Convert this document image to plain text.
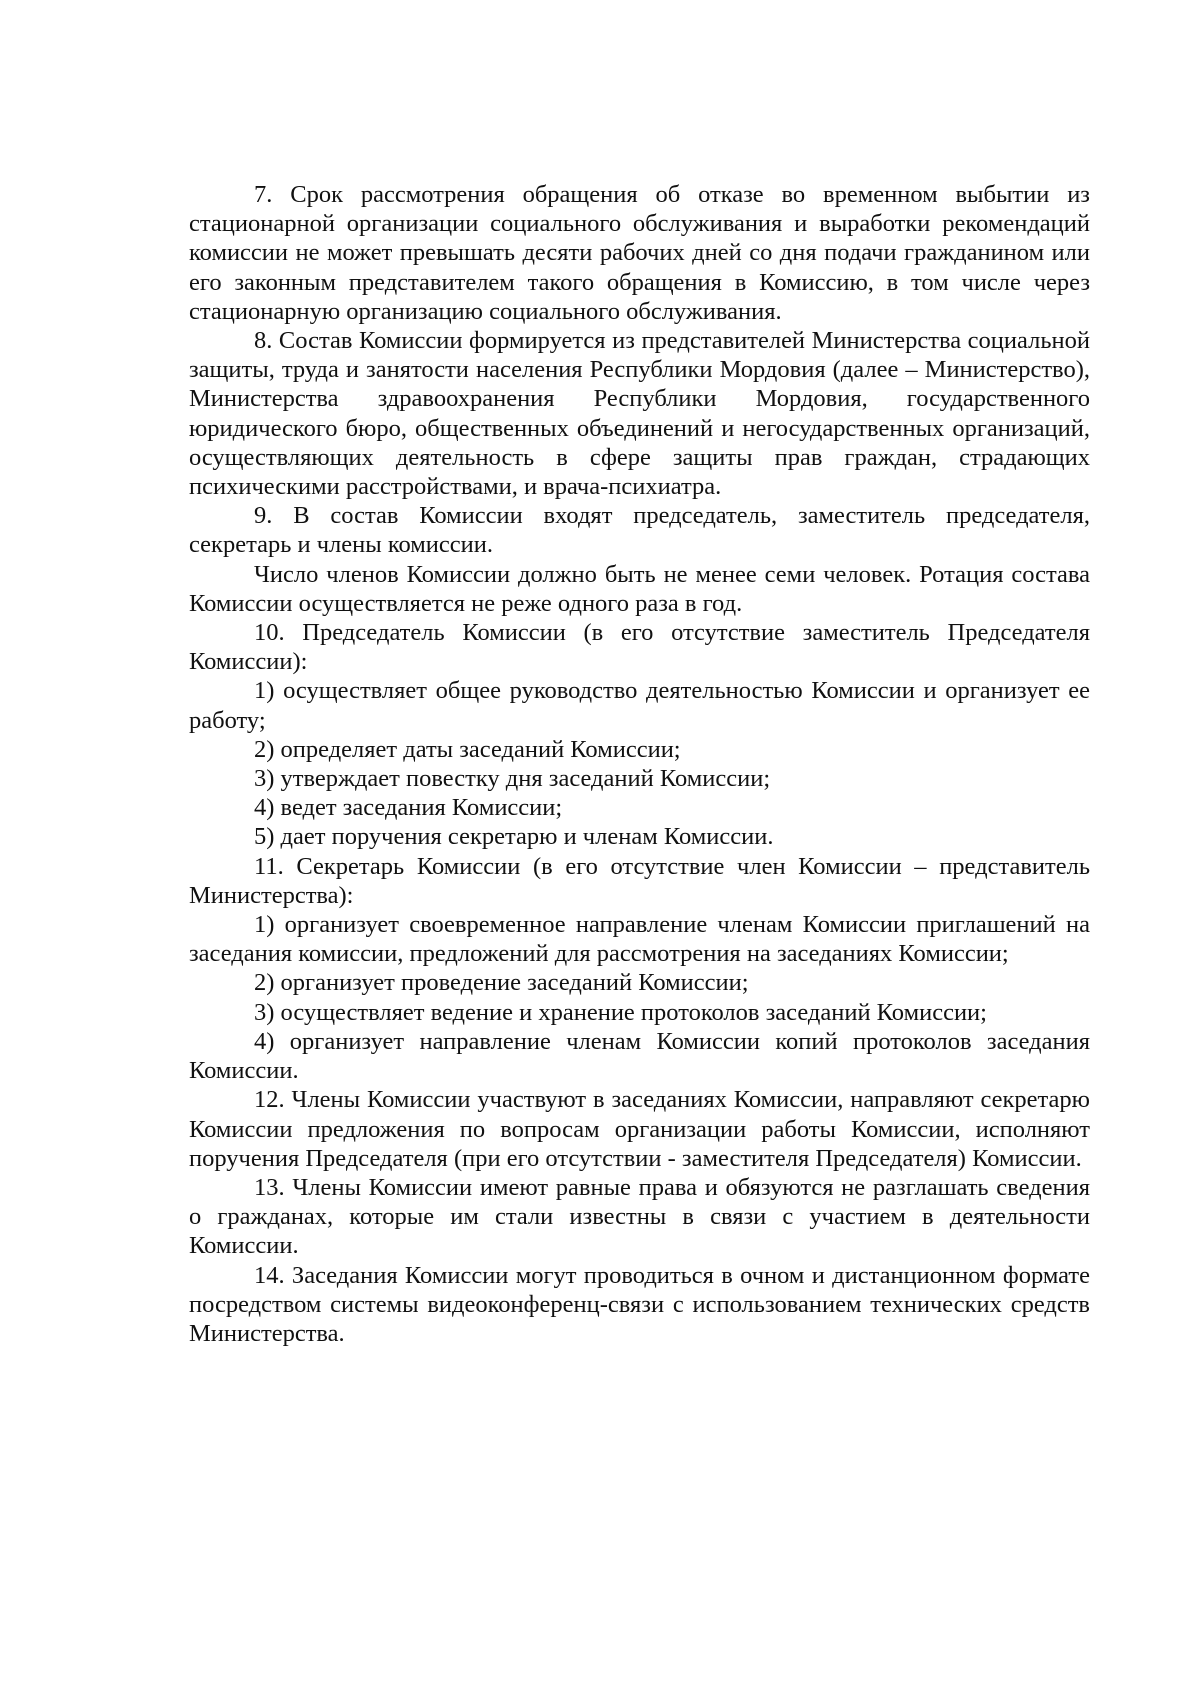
7. Срок рассмотрения обращения об отказе во временном выбытии из стационарной организации социального обслуживания и выработки рекомендаций комиссии не может превышать десяти рабочих дней со дня подачи гражданином или его законным представителем такого обращения в Комиссию, в том числе через стационарную организацию социального обслуживания.

8. Состав Комиссии формируется из представителей Министерства социальной защиты, труда и занятости населения Республики Мордовия (далее – Министерство), Министерства здравоохранения Республики Мордовия, государственного юридического бюро, общественных объединений и негосударственных организаций, осуществляющих деятельность в сфере защиты прав граждан, страдающих психическими расстройствами, и врача-психиатра.

9. В состав Комиссии входят председатель, заместитель председателя, секретарь и члены комиссии.

Число членов Комиссии должно быть не менее семи человек. Ротация состава Комиссии осуществляется не реже одного раза в год.

10. Председатель Комиссии (в его отсутствие заместитель Председателя Комиссии):

1) осуществляет общее руководство деятельностью Комиссии и организует ее работу;

2) определяет даты заседаний Комиссии;

3) утверждает повестку дня заседаний Комиссии;

4) ведет заседания Комиссии;

5) дает поручения секретарю и членам Комиссии.

11. Секретарь Комиссии (в его отсутствие член Комиссии – представитель Министерства):

1) организует своевременное направление членам Комиссии приглашений на заседания комиссии, предложений для рассмотрения на заседаниях Комиссии;

2) организует проведение заседаний Комиссии;

3) осуществляет ведение и хранение протоколов заседаний Комиссии;

4) организует направление членам Комиссии копий протоколов заседания Комиссии.

12. Члены Комиссии участвуют в заседаниях Комиссии, направляют секретарю Комиссии предложения по вопросам организации работы Комиссии, исполняют поручения Председателя (при его отсутствии - заместителя Председателя) Комиссии.

13. Члены Комиссии имеют равные права и обязуются не разглашать сведения о гражданах, которые им стали известны в связи с участием в деятельности Комиссии.

14. Заседания Комиссии могут проводиться в очном и дистанционном формате посредством системы видеоконференц-связи с использованием технических средств Министерства.
